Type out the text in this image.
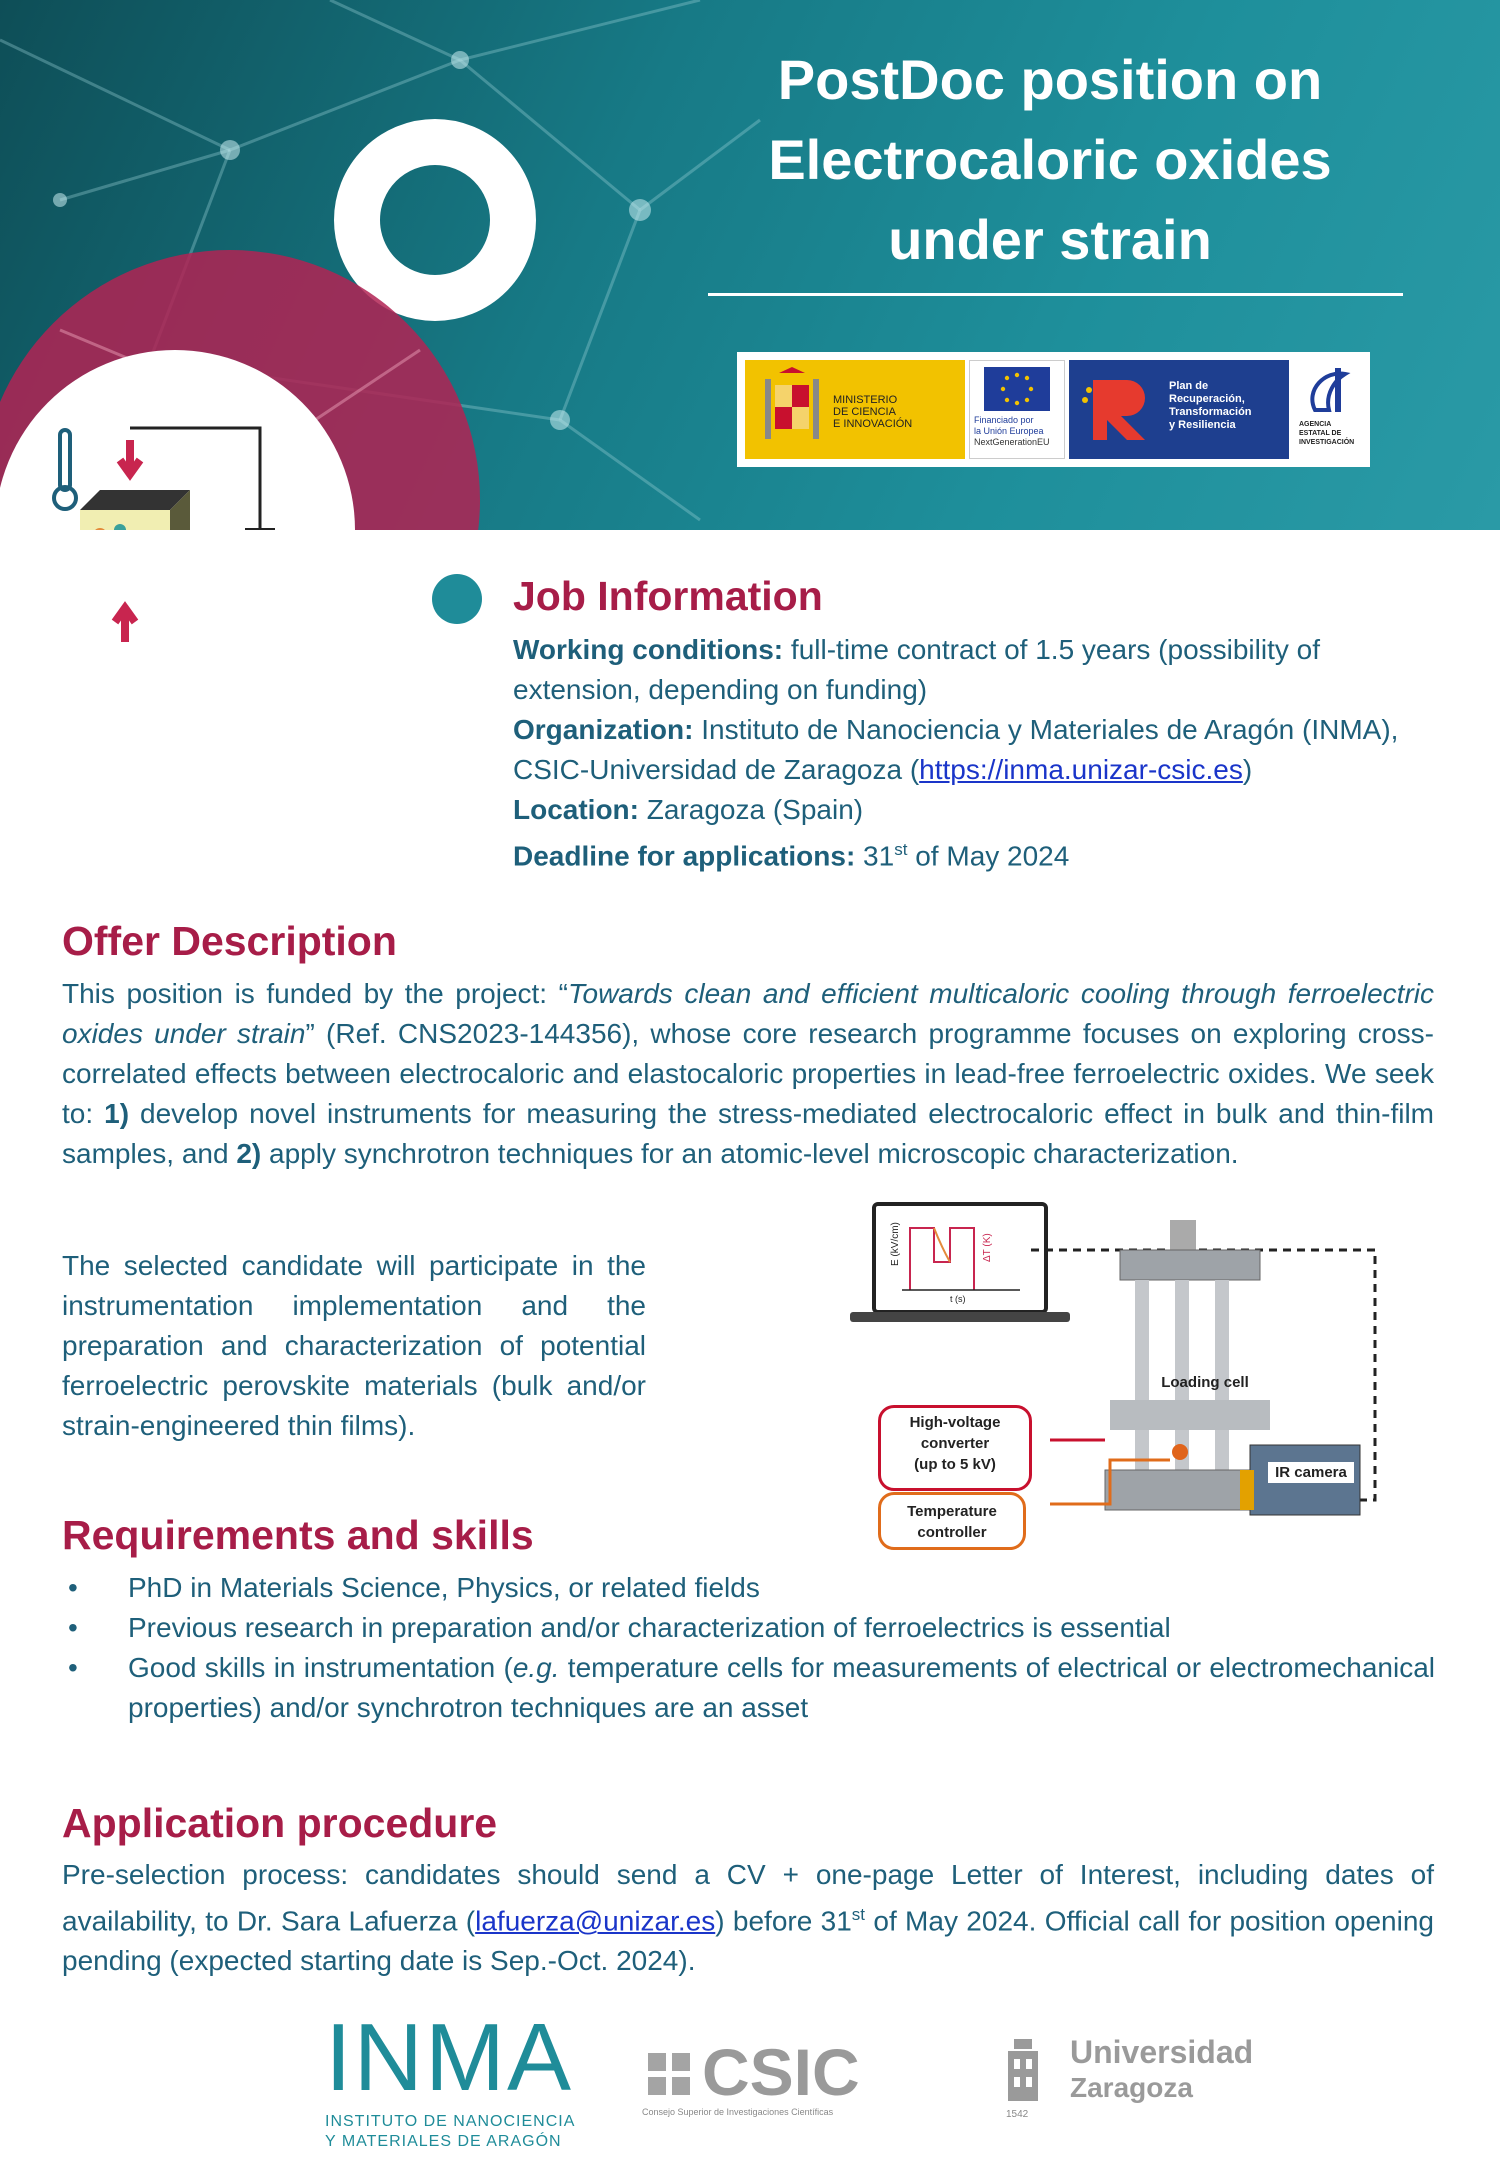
PostDoc position on
Electrocaloric oxides
under strain
MINISTERIO
DE CIENCIA
E INNOVACIÓN	Financiado por
la Unión Europea
NextGenerationEU
Plan de
Recuperación,
Transformación
y Resiliencia	AGENCIA
ESTATAL DE
INVESTIGACIÓN
Job Information
Working conditions: full-time contract of 1.5 years (possibility of
extension, depending on funding)
Organization: Instituto de Nanociencia y Materiales de Aragón (INMA),
CSIC-Universidad de Zaragoza (https://inma.unizar-csic.es)
Location: Zaragoza (Spain)
Deadline for applications: 31st of May 2024
Offer Description
This position is funded by the project: “Towards clean and efficient multicaloric cooling through ferroelectric oxides under strain” (Ref. CNS2023-144356), whose core research programme focuses on exploring cross-correlated effects between electrocaloric and elastocaloric properties in lead-free ferroelectric oxides. We seek to: 1) develop novel instruments for measuring the stress-mediated electrocaloric effect in bulk and thin-film samples, and 2) apply synchrotron techniques for an atomic-level microscopic characterization.
The selected candidate will participate in the instrumentation implementation and the preparation and characterization of potential ferroelectric perovskite materials (bulk and/or strain-engineered thin films).
Loading cell
High-voltage
converter
(up to 5 kV)	IR camera
Temperature
controller
E (kV/cm)	ΔT (K)
t (s)
Requirements and skills
• PhD in Materials Science, Physics, or related fields
• Previous research in preparation and/or characterization of ferroelectrics is essential
• Good skills in instrumentation (e.g. temperature cells for measurements of electrical or electromechanical properties) and/or synchrotron techniques are an asset
Application procedure
Pre-selection process: candidates should send a CV + one-page Letter of Interest, including dates of availability, to Dr. Sara Lafuerza (lafuerza@unizar.es) before 31st of May 2024. Official call for position opening pending (expected starting date is Sep.-Oct. 2024).
INMA
INSTITUTO DE NANOCIENCIA
Y MATERIALES DE ARAGÓN
CSIC
Consejo Superior de Investigaciones Científicas	1542
Universidad
Zaragoza
